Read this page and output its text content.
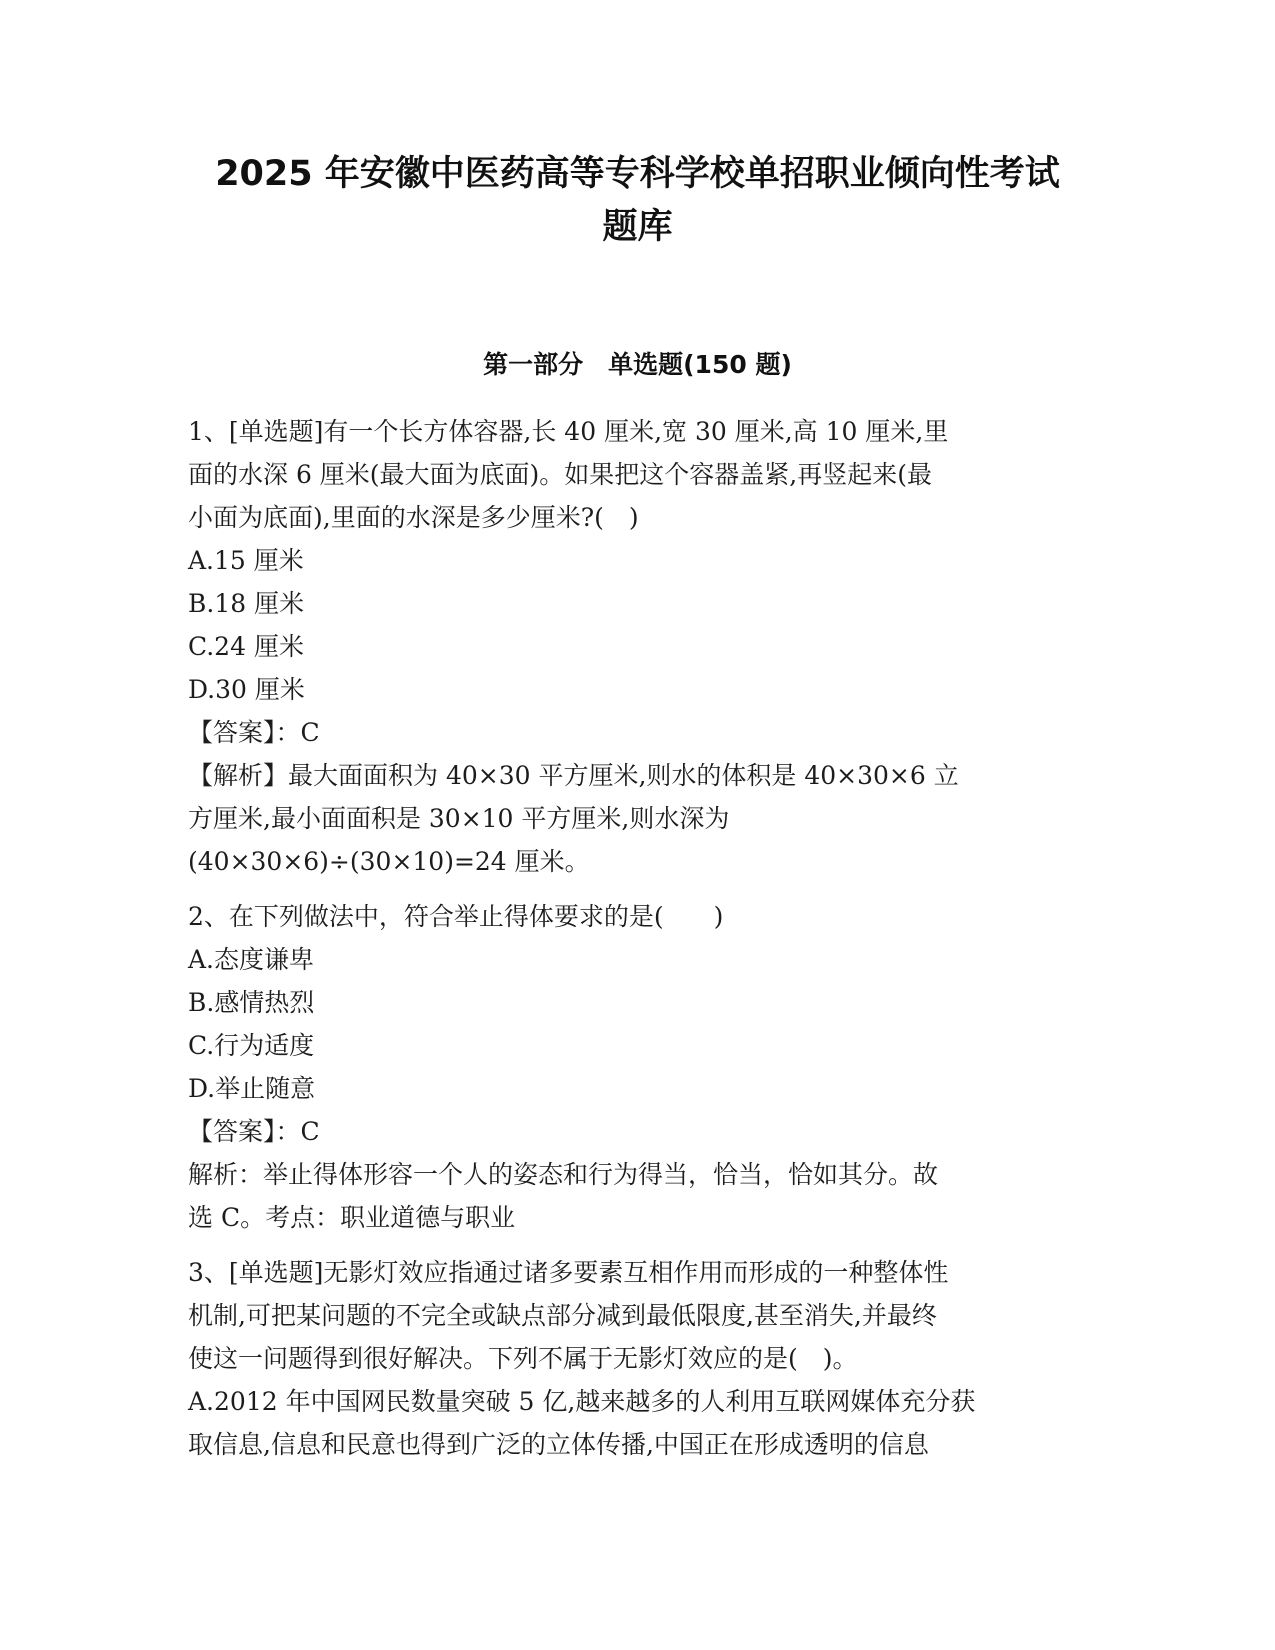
2025 年安徽中医药高等专科学校单招职业倾向性考试
题库
第一部分　单选题(150 题)
1、[单选题]有一个长方体容器,长 40 厘米,宽 30 厘米,高 10 厘米,里
面的水深 6 厘米(最大面为底面)。如果把这个容器盖紧,再竖起来(最
小面为底面),里面的水深是多少厘米?(　)
A.15 厘米
B.18 厘米
C.24 厘米
D.30 厘米
【答案】：C
【解析】最大面面积为 40×30 平方厘米,则水的体积是 40×30×6 立
方厘米,最小面面积是 30×10 平方厘米,则水深为
(40×30×6)÷(30×10)=24 厘米。
2、在下列做法中，符合举止得体要求的是(　　)
A.态度谦卑
B.感情热烈
C.行为适度
D.举止随意
【答案】：C
解析：举止得体形容一个人的姿态和行为得当，恰当，恰如其分。故
选 C。考点：职业道德与职业
3、[单选题]无影灯效应指通过诸多要素互相作用而形成的一种整体性
机制,可把某问题的不完全或缺点部分减到最低限度,甚至消失,并最终
使这一问题得到很好解决。下列不属于无影灯效应的是(　)。
A.2012 年中国网民数量突破 5 亿,越来越多的人利用互联网媒体充分获
取信息,信息和民意也得到广泛的立体传播,中国正在形成透明的信息
